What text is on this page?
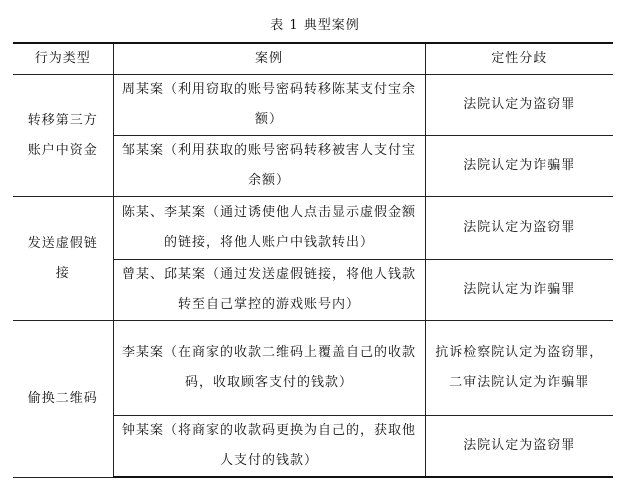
表 1 典型案例
行为类型	案例	定性分歧
转移第三方账户中资金	周某案（利用窃取的账号密码转移陈某支付宝余额）	法院认定为盗窃罪
	邹某案（利用获取的账号密码转移被害人支付宝余额）	法院认定为诈骗罪
发送虚假链接	陈某、李某案（通过诱使他人点击显示虚假金额的链接，将他人账户中钱款转出）	法院认定为盗窃罪
	曾某、邱某案（通过发送虚假链接，将他人钱款转至自己掌控的游戏账号内）	法院认定为诈骗罪
偷换二维码	李某案（在商家的收款二维码上覆盖自己的收款码，收取顾客支付的钱款）	抗诉检察院认定为盗窃罪，二审法院认定为诈骗罪
	钟某案（将商家的收款码更换为自己的，获取他人支付的钱款）	法院认定为盗窃罪
